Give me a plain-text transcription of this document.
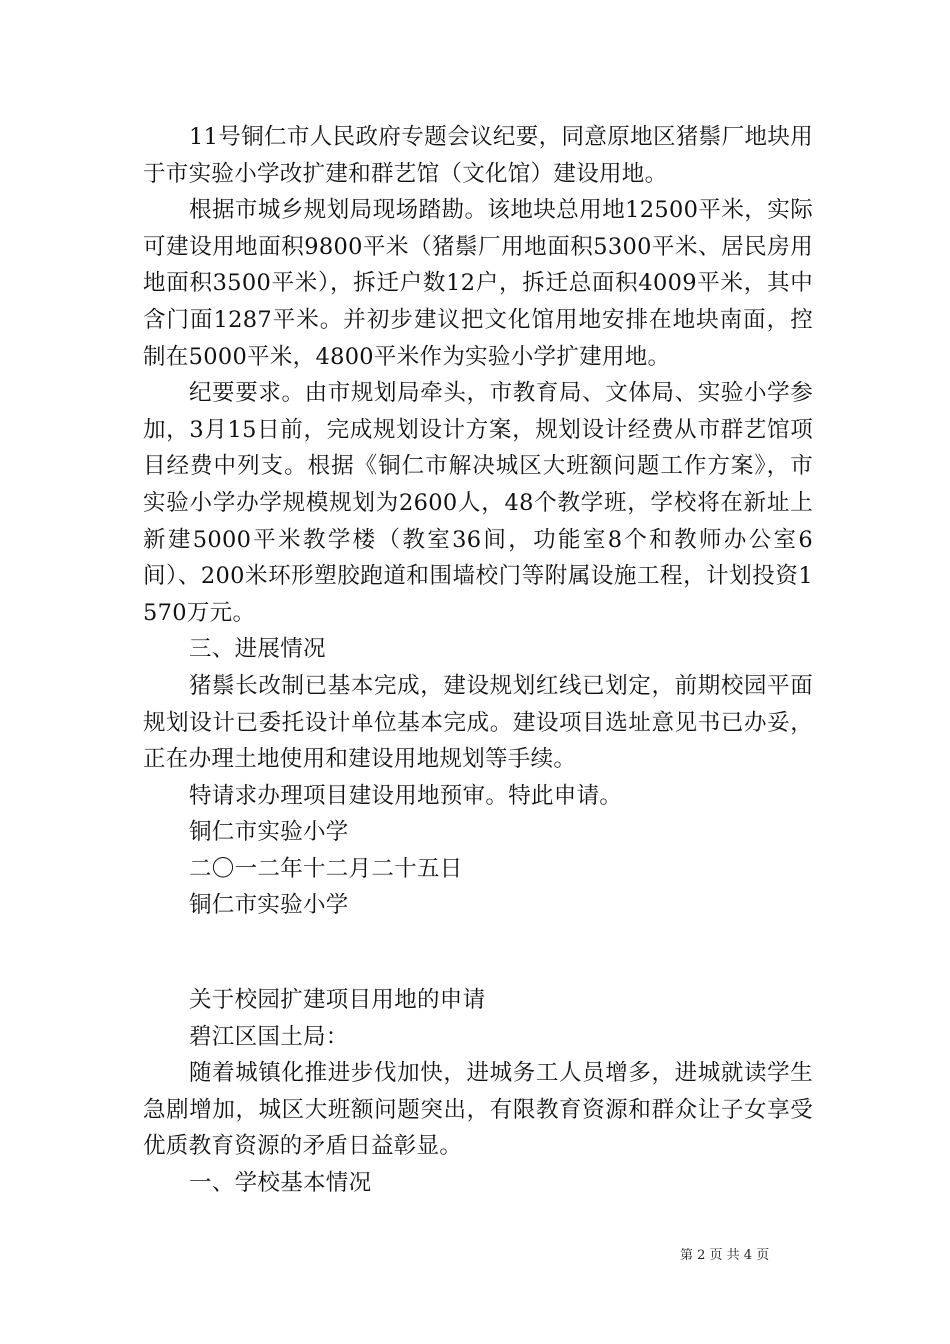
11号铜仁市人民政府专题会议纪要，同意原地区猪鬃厂地块用于市实验小学改扩建和群艺馆（文化馆）建设用地。

根据市城乡规划局现场踏勘。该地块总用地12500平米，实际可建设用地面积9800平米（猪鬃厂用地面积5300平米、居民房用地面积3500平米），拆迁户数12户，拆迁总面积4009平米，其中含门面1287平米。并初步建议把文化馆用地安排在地块南面，控制在5000平米，4800平米作为实验小学扩建用地。

纪要要求。由市规划局牵头，市教育局、文体局、实验小学参加，3月15日前，完成规划设计方案，规划设计经费从市群艺馆项目经费中列支。根据《铜仁市解决城区大班额问题工作方案》，市实验小学办学规模规划为2600人，48个教学班，学校将在新址上新建5000平米教学楼（教室36间，功能室8个和教师办公室6间）、200米环形塑胶跑道和围墙校门等附属设施工程，计划投资1570万元。

三、进展情况

猪鬃长改制已基本完成，建设规划红线已划定，前期校园平面规划设计已委托设计单位基本完成。建设项目选址意见书已办妥，正在办理土地使用和建设用地规划等手续。

特请求办理项目建设用地预审。特此申请。

铜仁市实验小学

二〇一二年十二月二十五日

铜仁市实验小学

关于校园扩建项目用地的申请

碧江区国土局：

随着城镇化推进步伐加快，进城务工人员增多，进城就读学生急剧增加，城区大班额问题突出，有限教育资源和群众让子女享受优质教育资源的矛盾日益彰显。

一、学校基本情况

第 2 页 共 4 页
